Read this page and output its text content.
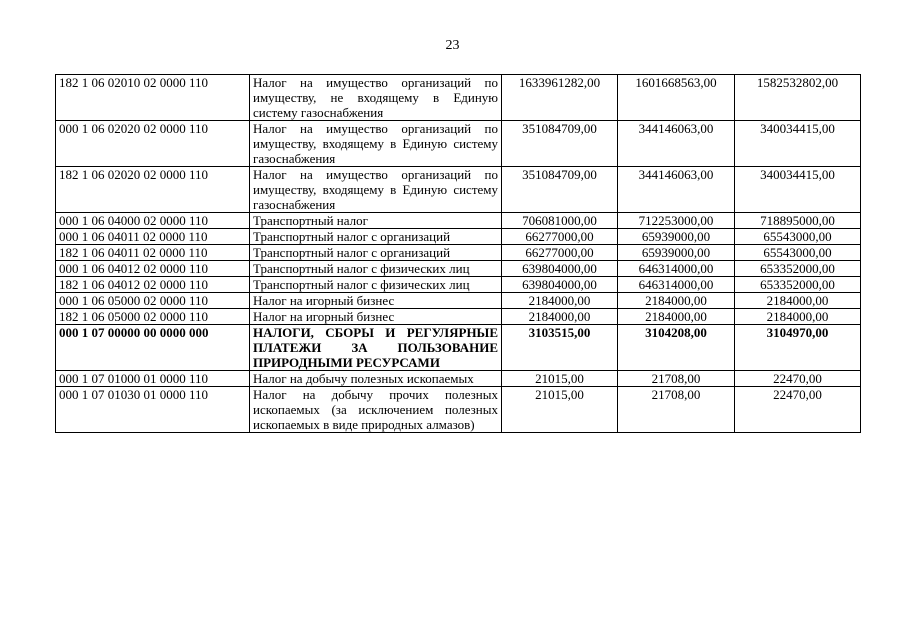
23
182 1 06 02010 02 0000 110	Налог на имущество организаций по имуществу, не входящему в Единую систему газоснабжения	1633961282,00	1601668563,00	1582532802,00
000 1 06 02020 02 0000 110	Налог на имущество организаций по имуществу, входящему в Единую систему газоснабжения	351084709,00	344146063,00	340034415,00
182 1 06 02020 02 0000 110	Налог на имущество организаций по имуществу, входящему в Единую систему газоснабжения	351084709,00	344146063,00	340034415,00
000 1 06 04000 02 0000 110	Транспортный налог	706081000,00	712253000,00	718895000,00
000 1 06 04011 02 0000 110	Транспортный налог с организаций	66277000,00	65939000,00	65543000,00
182 1 06 04011 02 0000 110	Транспортный налог с организаций	66277000,00	65939000,00	65543000,00
000 1 06 04012 02 0000 110	Транспортный налог с физических лиц	639804000,00	646314000,00	653352000,00
182 1 06 04012 02 0000 110	Транспортный налог с физических лиц	639804000,00	646314000,00	653352000,00
000 1 06 05000 02 0000 110	Налог на игорный бизнес	2184000,00	2184000,00	2184000,00
182 1 06 05000 02 0000 110	Налог на игорный бизнес	2184000,00	2184000,00	2184000,00
000 1 07 00000 00 0000 000	НАЛОГИ, СБОРЫ И РЕГУЛЯРНЫЕ ПЛАТЕЖИ ЗА ПОЛЬЗОВАНИЕ ПРИРОДНЫМИ РЕСУРСАМИ	3103515,00	3104208,00	3104970,00
000 1 07 01000 01 0000 110	Налог на добычу полезных ископаемых	21015,00	21708,00	22470,00
000 1 07 01030 01 0000 110	Налог на добычу прочих полезных ископаемых (за исключением полезных ископаемых в виде природных алмазов)	21015,00	21708,00	22470,00
